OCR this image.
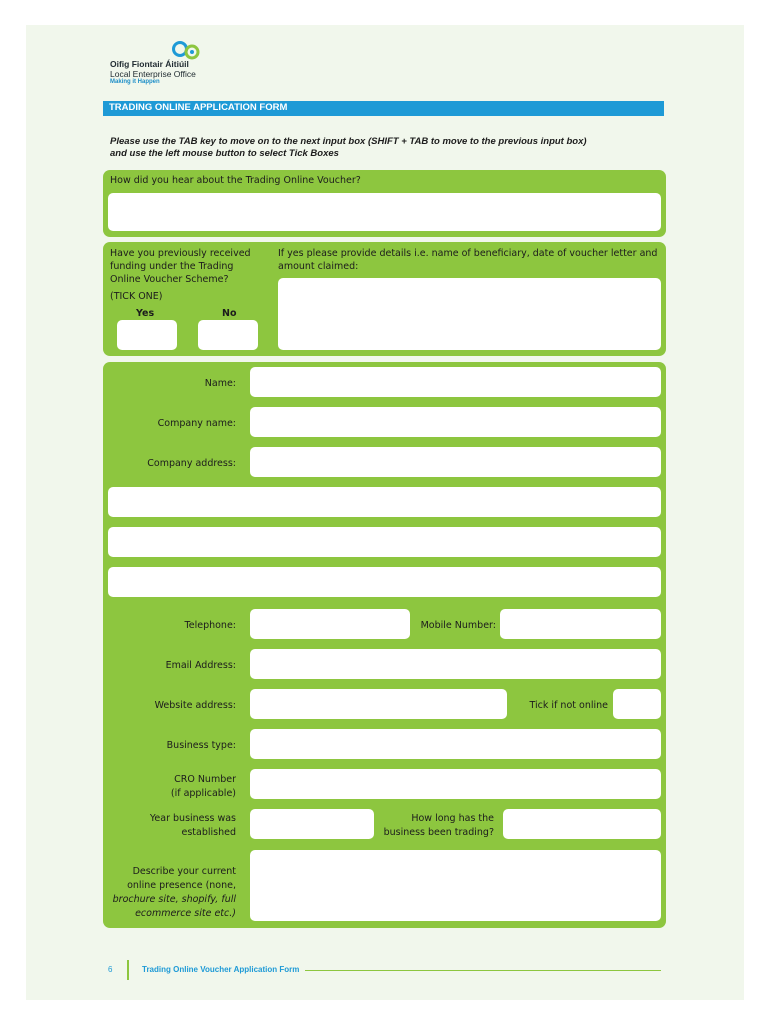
Oifig Fiontair Áitiúil
Local Enterprise Office
Making it Happen
TRADING ONLINE APPLICATION FORM
Please use the TAB key to move on to the next input box (SHIFT + TAB to move to the previous input box)
and use the left mouse button to select Tick Boxes
How did you hear about the Trading Online Voucher?
Have you previously received
funding under the Trading
Online Voucher Scheme?
(TICK ONE)
Yes	No
If yes please provide details i.e. name of beneficiary, date of voucher letter and
amount claimed:
Name:
Company name:
Company address:
Telephone:	Mobile Number:
Email Address:
Website address:	Tick if not online
Business type:
CRO Number
(if applicable)
Year business was
established
How long has the
business been trading?
Describe your current
online presence (none,
brochure site, shopify, full
ecommerce site etc.)
6	Trading Online Voucher Application Form
